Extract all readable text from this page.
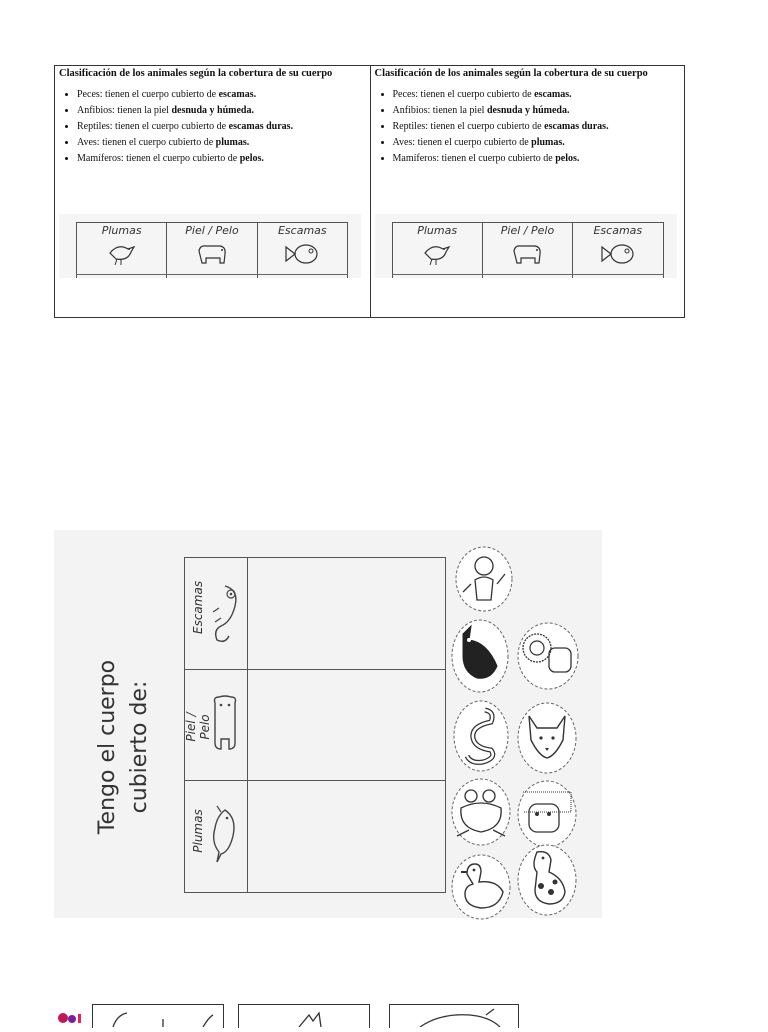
Clasificación de los animales según la cobertura de su cuerpo

• Peces: tienen el cuerpo cubierto de escamas.
• Anfibios: tienen la piel desnuda y húmeda.
• Reptiles: tienen el cuerpo cubierto de escamas duras.
• Aves: tienen el cuerpo cubierto de plumas.
• Mamíferos: tienen el cuerpo cubierto de pelos.
Plumas	Piel / Pelo	Escamas

Clasificación de los animales según la cobertura de su cuerpo

• Peces: tienen el cuerpo cubierto de escamas.
• Anfibios: tienen la piel desnuda y húmeda.
• Reptiles: tienen el cuerpo cubierto de escamas duras.
• Aves: tienen el cuerpo cubierto de plumas.
• Mamíferos: tienen el cuerpo cubierto de pelos.
Plumas	Piel / Pelo	Escamas
Tengo el cuerpo cubierto de:
Escamas
Piel / Pelo
Plumas
